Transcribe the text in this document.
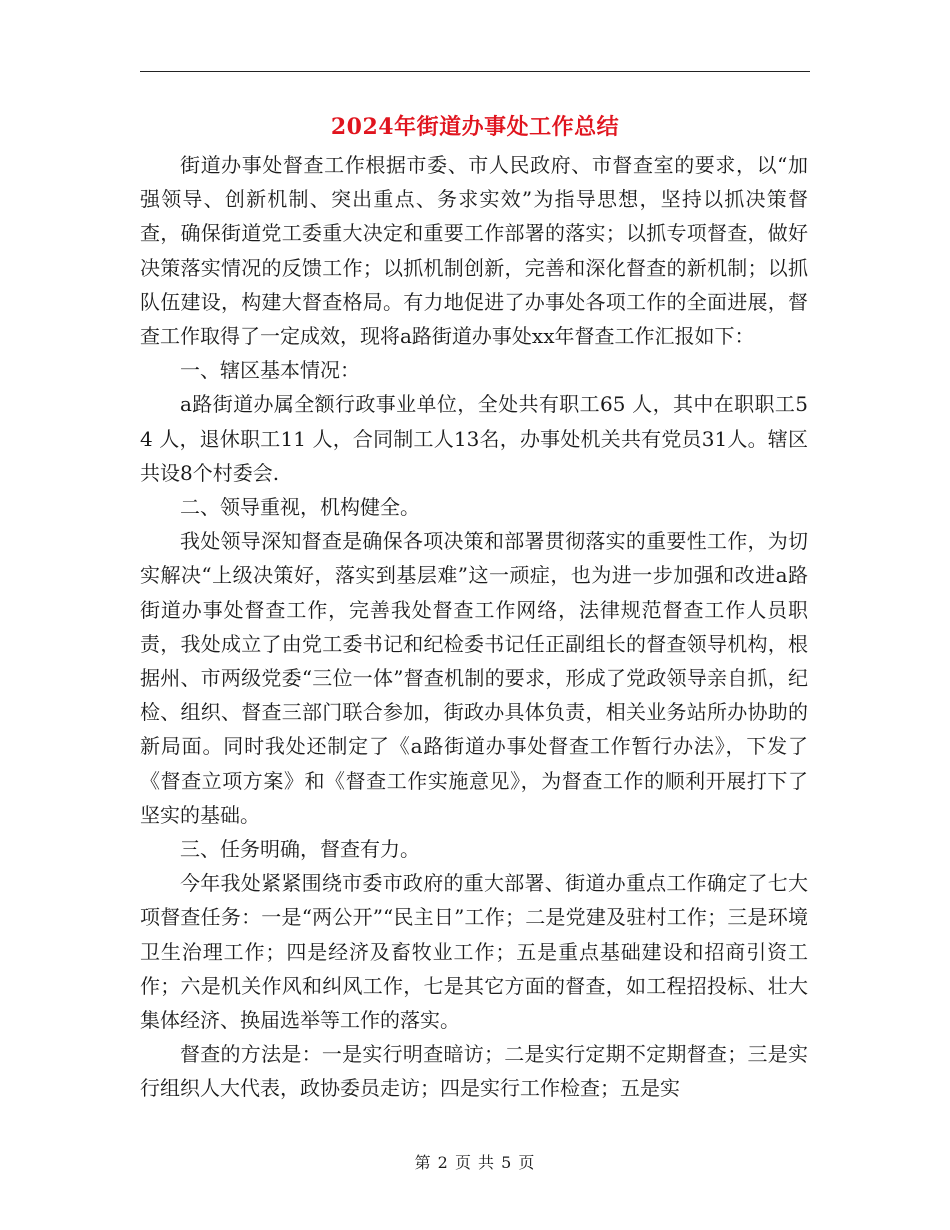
2024年街道办事处工作总结

街道办事处督查工作根据市委、市人民政府、市督查室的要求，以“加强领导、创新机制、突出重点、务求实效”为指导思想，坚持以抓决策督查，确保街道党工委重大决定和重要工作部署的落实；以抓专项督查，做好决策落实情况的反馈工作；以抓机制创新，完善和深化督查的新机制；以抓队伍建设，构建大督查格局。有力地促进了办事处各项工作的全面进展，督查工作取得了一定成效，现将a路街道办事处xx年督查工作汇报如下：

一、辖区基本情况：

a路街道办属全额行政事业单位，全处共有职工65 人，其中在职职工54 人，退休职工11 人，合同制工人13名，办事处机关共有党员31人。辖区共设8个村委会.

二、领导重视，机构健全。

我处领导深知督查是确保各项决策和部署贯彻落实的重要性工作，为切实解决“上级决策好，落实到基层难”这一顽症，也为进一步加强和改进a路街道办事处督查工作，完善我处督查工作网络，法律规范督查工作人员职责，我处成立了由党工委书记和纪检委书记任正副组长的督查领导机构，根据州、市两级党委“三位一体”督查机制的要求，形成了党政领导亲自抓，纪检、组织、督查三部门联合参加，街政办具体负责，相关业务站所办协助的新局面。同时我处还制定了《a路街道办事处督查工作暂行办法》，下发了《督查立项方案》和《督查工作实施意见》，为督查工作的顺利开展打下了坚实的基础。

三、任务明确，督查有力。

今年我处紧紧围绕市委市政府的重大部署、街道办重点工作确定了七大项督查任务：一是“两公开”“民主日”工作；二是党建及驻村工作；三是环境卫生治理工作；四是经济及畜牧业工作；五是重点基础建设和招商引资工作；六是机关作风和纠风工作，七是其它方面的督查，如工程招投标、壮大集体经济、换届选举等工作的落实。

督查的方法是：一是实行明查暗访；二是实行定期不定期督查；三是实行组织人大代表，政协委员走访；四是实行工作检查；五是实

第 2 页 共 5 页
